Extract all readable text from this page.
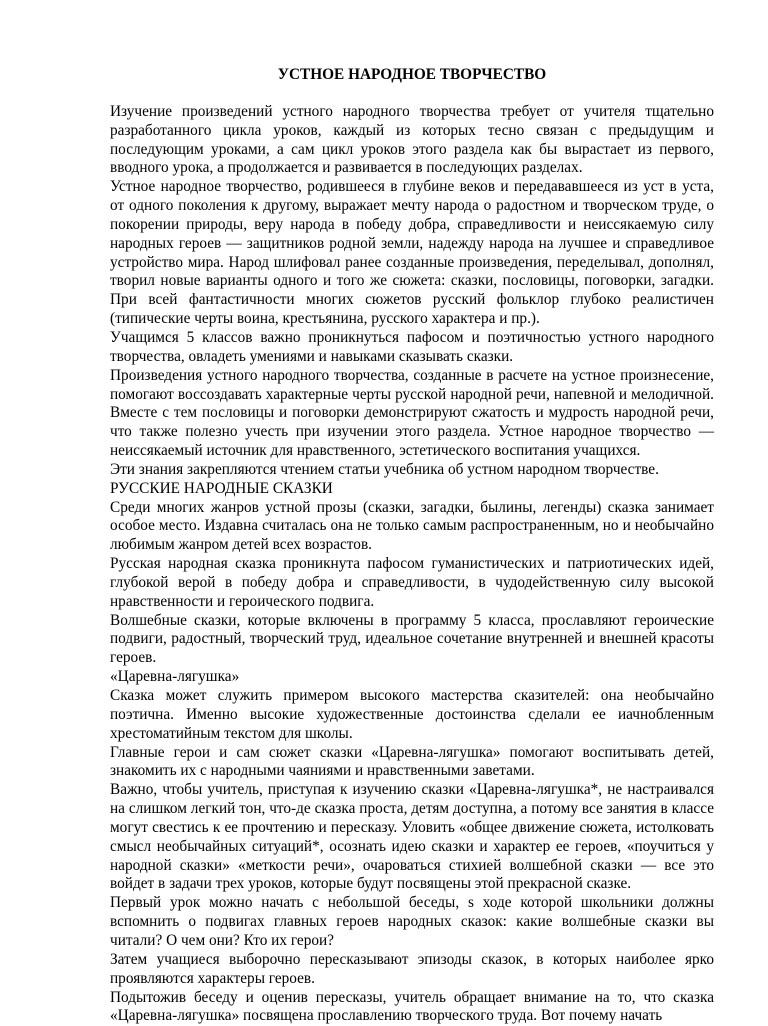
УСТНОЕ НАРОДНОЕ ТВОРЧЕСТВО

Изучение произведений устного народного творчества требует от учителя тщательно разработанного цикла уроков, каждый из которых тесно связан с предыдущим и последующим уроками, а сам цикл уроков этого раздела как бы вырастает из первого, вводного урока, а продолжается и развивается в последующих разделах.

Устное народное творчество, родившееся в глубине веков и передававшееся из уст в уста, от одного поколения к другому, выражает мечту народа о радостном и творческом труде, о покорении природы, веру народа в победу добра, справедливости и неиссякаемую силу народных героев — защитников родной земли, надежду народа на лучшее и справедливое устройство мира. Народ шлифовал ранее созданные произведения, переделывал, дополнял, творил новые варианты одного и того же сюжета: сказки, пословицы, поговорки, загадки. При всей фантастичности многих сюжетов русский фольклор глубоко реалистичен (типические черты воина, крестьянина, русского характера и пр.).

Учащимся 5 классов важно проникнуться пафосом и поэтичностью устного народного творчества, овладеть умениями и навыками сказывать сказки.

Произведения устного народного творчества, созданные в расчете на устное произнесение, помогают воссоздавать характерные черты русской народной речи, напевной и мелодичной. Вместе с тем пословицы и поговорки демонстрируют сжатость и мудрость народной речи, что также полезно учесть при изучении этого раздела. Устное народное творчество —неиссякаемый источник для нравственного, эстетического воспитания учащихся.

Эти знания закрепляются чтением статьи учебника об устном народном творчестве.

РУССКИЕ НАРОДНЫЕ СКАЗКИ

Среди многих жанров устной прозы (сказки, загадки, былины, легенды) сказка занимает особое место. Издавна считалась она не только самым распространенным, но и необычайно любимым жанром детей всех возрастов.

Русская народная сказка проникнута пафосом гуманистических и патриотических идей, глубокой верой в победу добра и справедливости, в чудодейственную силу высокой нравственности и героического подвига.

Волшебные сказки, которые включены в программу 5 класса, прославляют героические подвиги, радостный, творческий труд, идеальное сочетание внутренней и внешней красоты героев.

«Царевна-лягушка»

Сказка может служить примером высокого мастерства сказителей: она необычайно поэтична. Именно высокие художественные достоинства сделали ее иачнобленным хрестоматийным текстом для школы.

Главные герои и сам сюжет сказки «Царевна-лягушка» помогают воспитывать детей, знакомить их с народными чаяниями и нравственными заветами.

Важно, чтобы учитель, приступая к изучению сказки «Царевна-лягушка*, не настраивался на слишком легкий тон, что-де сказка проста, детям доступна, а потому все занятия в классе могут свестись к ее прочтению и пересказу. Уловить «общее движение сюжета, истолковать смысл необычайных ситуаций*, осознать идею сказки и характер ее героев, «поучиться у народной сказки» «меткости речи», очароваться стихией волшебной сказки — все это войдет в задачи трех уроков, которые будут посвящены этой прекрасной сказке.

Первый урок можно начать с небольшой беседы, s ходе которой школьники должны вспомнить о подвигах главных героев народных сказок: какие волшебные сказки вы читали? О чем они? Кто их герои?

Затем учащиеся выборочно пересказывают эпизоды сказок, в которых наиболее ярко проявляются характеры героев.

Подытожив беседу и оценив пересказы, учитель обращает внимание на то, что сказка «Царевна-лягушка» посвящена прославлению творческого труда. Вот почему начать
